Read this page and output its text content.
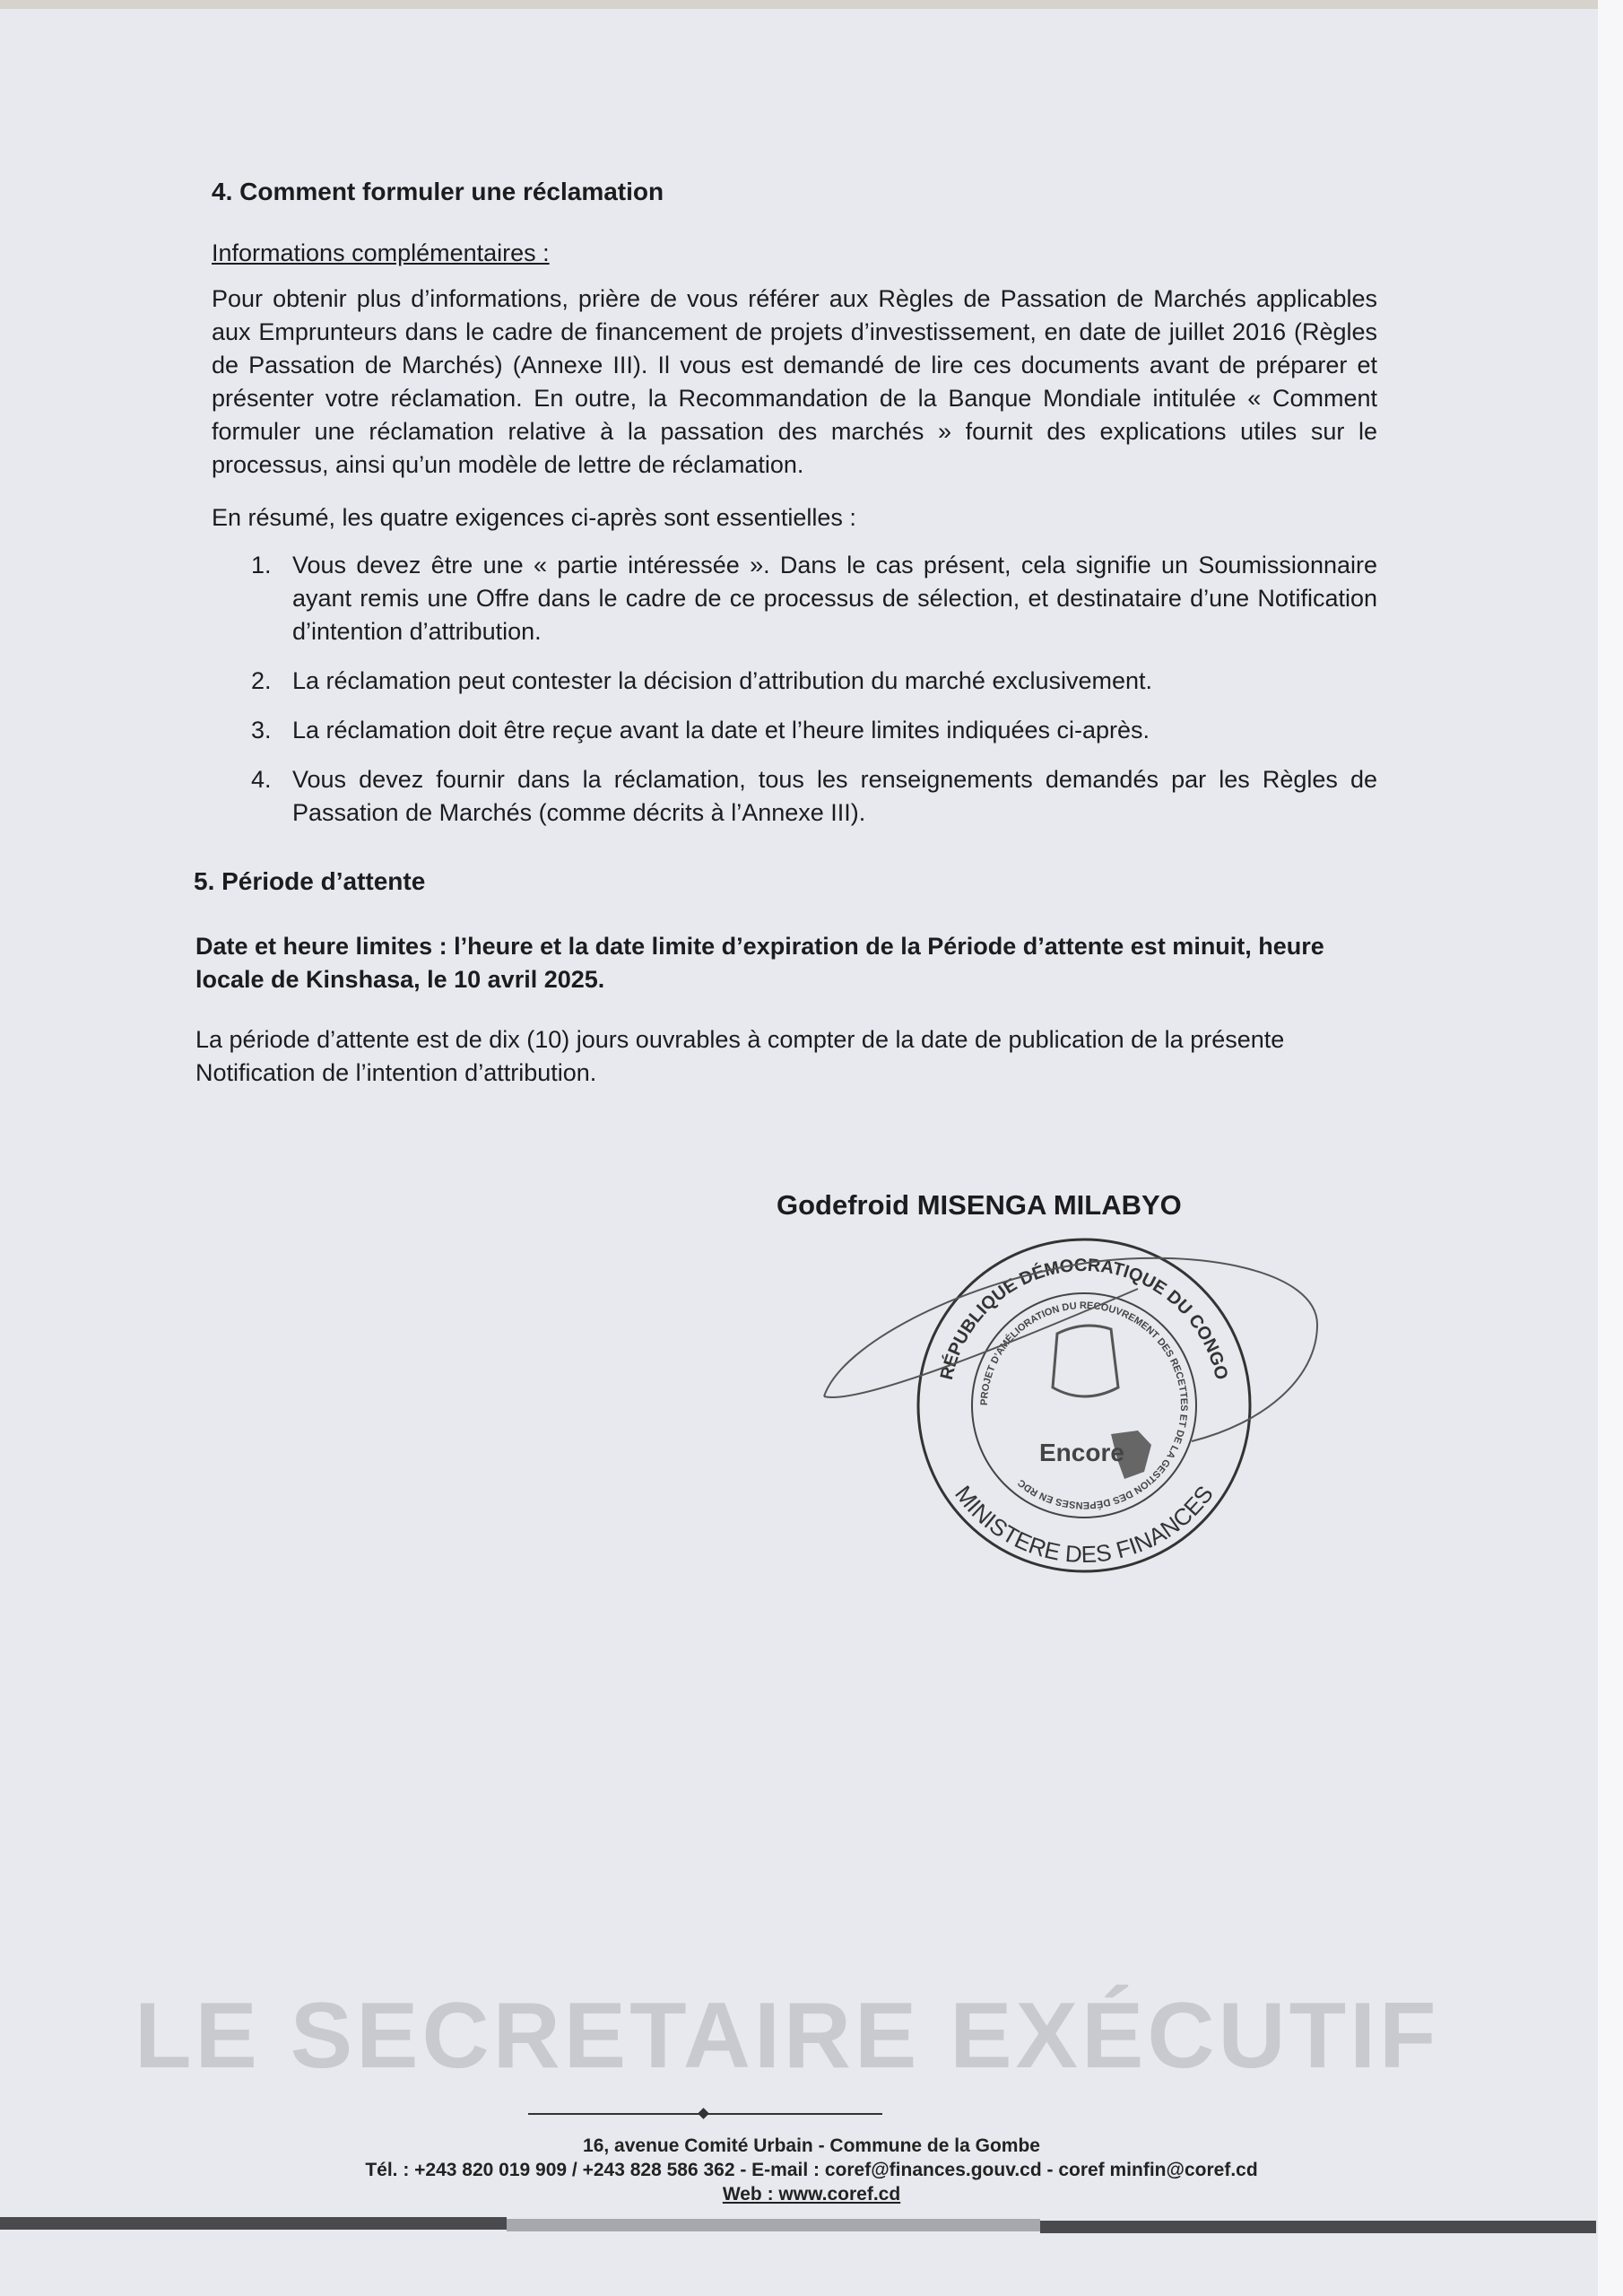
4. Comment formuler une réclamation
Informations complémentaires :
Pour obtenir plus d’informations, prière de vous référer aux Règles de Passation de Marchés applicables aux Emprunteurs dans le cadre de financement de projets d’investissement, en date de juillet 2016 (Règles de Passation de Marchés) (Annexe III). Il vous est demandé de lire ces documents avant de préparer et présenter votre réclamation. En outre, la Recommandation de la Banque Mondiale intitulée « Comment formuler une réclamation relative à la passation des marchés » fournit des explications utiles sur le processus, ainsi qu’un modèle de lettre de réclamation.
En résumé, les quatre exigences ci-après sont essentielles :
1. Vous devez être une « partie intéressée ». Dans le cas présent, cela signifie un Soumissionnaire ayant remis une Offre dans le cadre de ce processus de sélection, et destinataire d’une Notification d’intention d’attribution.
2. La réclamation peut contester la décision d’attribution du marché exclusivement.
3. La réclamation doit être reçue avant la date et l’heure limites indiquées ci-après.
4. Vous devez fournir dans la réclamation, tous les renseignements demandés par les Règles de Passation de Marchés (comme décrits à l’Annexe III).
5. Période d’attente
Date et heure limites : l’heure et la date limite d’expiration de la Période d’attente est minuit, heure locale de Kinshasa, le 10 avril 2025.
La période d’attente est de dix (10) jours ouvrables à compter de la date de publication de la présente Notification de l’intention d’attribution.
Godefroid MISENGA MILABYO
RÉPUBLIQUE DÉMOCRATIQUE DU CONGO
MINISTERE DES FINANCES
PROJET D’AMÉLIORATION DU RECOUVREMENT DES RECETTES ET DE LA GESTION DES DÉPENSES EN RDC
Encore
LE SECRETAIRE EXÉCUTIF
16, avenue Comité Urbain - Commune de la Gombe
Tél. : +243 820 019 909 / +243 828 586 362 - E-mail : coref@finances.gouv.cd - coref minfin@coref.cd
Web : www.coref.cd
